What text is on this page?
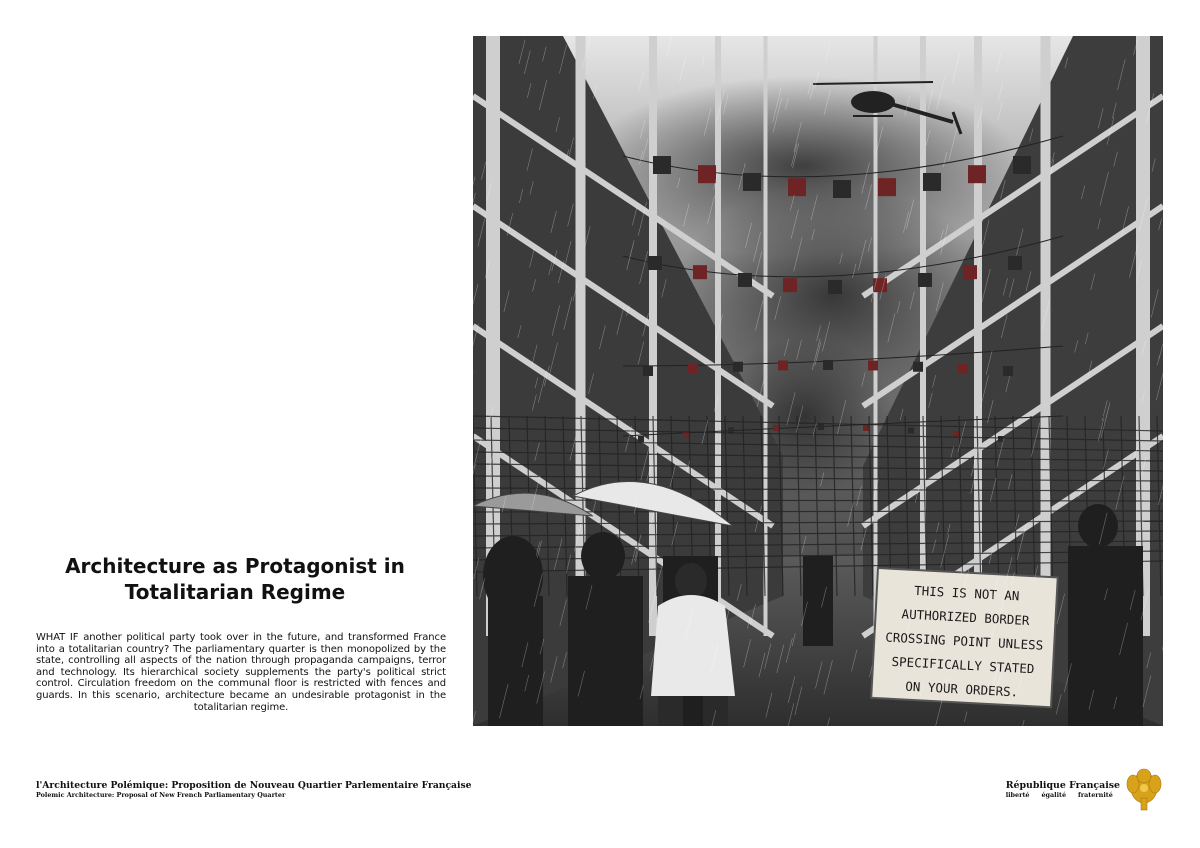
THIS IS NOT ANAUTHORIZED BORDERCROSSING POINT UNLESSSPECIFICALLY STATEDON YOUR ORDERS.
Architecture as Protagonist in
Totalitarian Regime

WHAT IF another political party took over in the future, and transformed France into a totalitarian country? The parliamentary quarter is then monopolized by the state, controlling all aspects of the nation through propaganda campaigns, terror and technology. Its hierarchical society supplements the party's political strict control. Circulation freedom on the communal floor is restricted with fences and guards. In this scenario, architecture became an undesirable protagonist in the totalitarian regime.

l'Architecture Polémique: Proposition de Nouveau Quartier Parlementaire Française
Polemic Architecture: Proposal of New French Parliamentary Quarter
République Française
liberté égalité fraternité
